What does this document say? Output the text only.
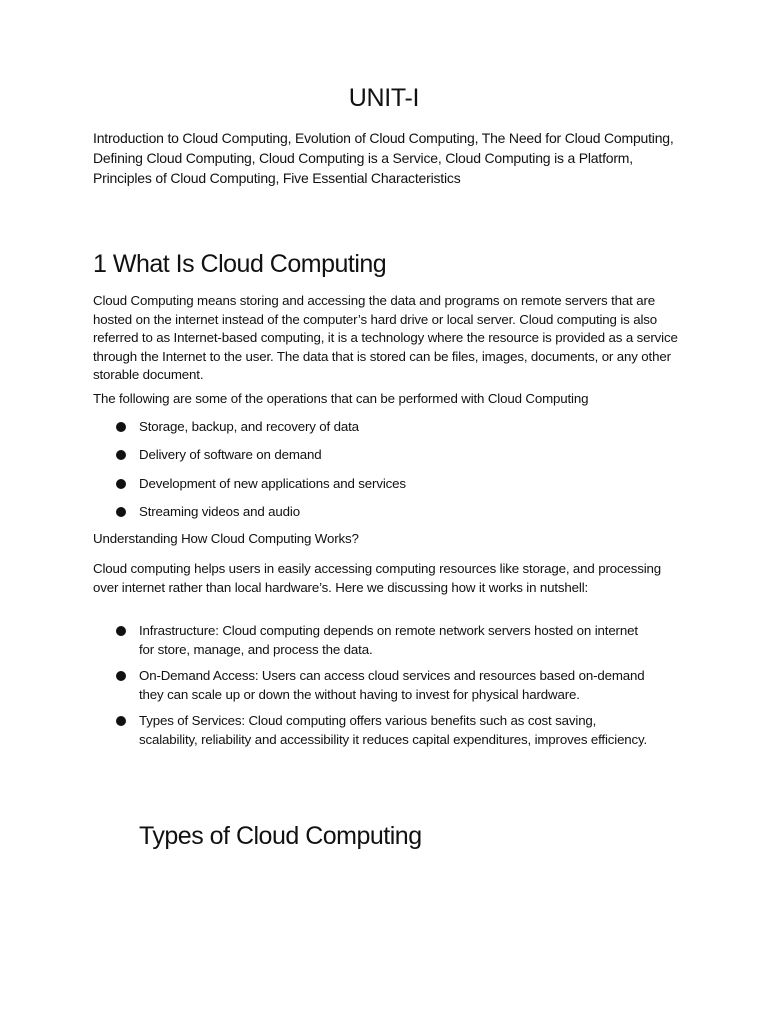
UNIT-I

Introduction to Cloud Computing, Evolution of Cloud Computing, The Need for Cloud Computing, Defining Cloud Computing, Cloud Computing is a Service, Cloud Computing is a Platform, Principles of Cloud Computing, Five Essential Characteristics

1 What Is Cloud Computing

Cloud Computing means storing and accessing the data and programs on remote servers that are hosted on the internet instead of the computer’s hard drive or local server. Cloud computing is also referred to as Internet-based computing, it is a technology where the resource is provided as a service through the Internet to the user. The data that is stored can be files, images, documents, or any other storable document.

The following are some of the operations that can be performed with Cloud Computing

Storage, backup, and recovery of data
Delivery of software on demand
Development of new applications and services
Streaming videos and audio

Understanding How Cloud Computing Works?

Cloud computing helps users in easily accessing computing resources like storage, and processing over internet rather than local hardware’s. Here we discussing how it works in nutshell:

Infrastructure: Cloud computing depends on remote network servers hosted on internet for store, manage, and process the data.
On-Demand Access: Users can access cloud services and resources based on-demand they can scale up or down the without having to invest for physical hardware.
Types of Services: Cloud computing offers various benefits such as cost saving, scalability, reliability and accessibility it reduces capital expenditures, improves efficiency.
Types of Cloud Computing
